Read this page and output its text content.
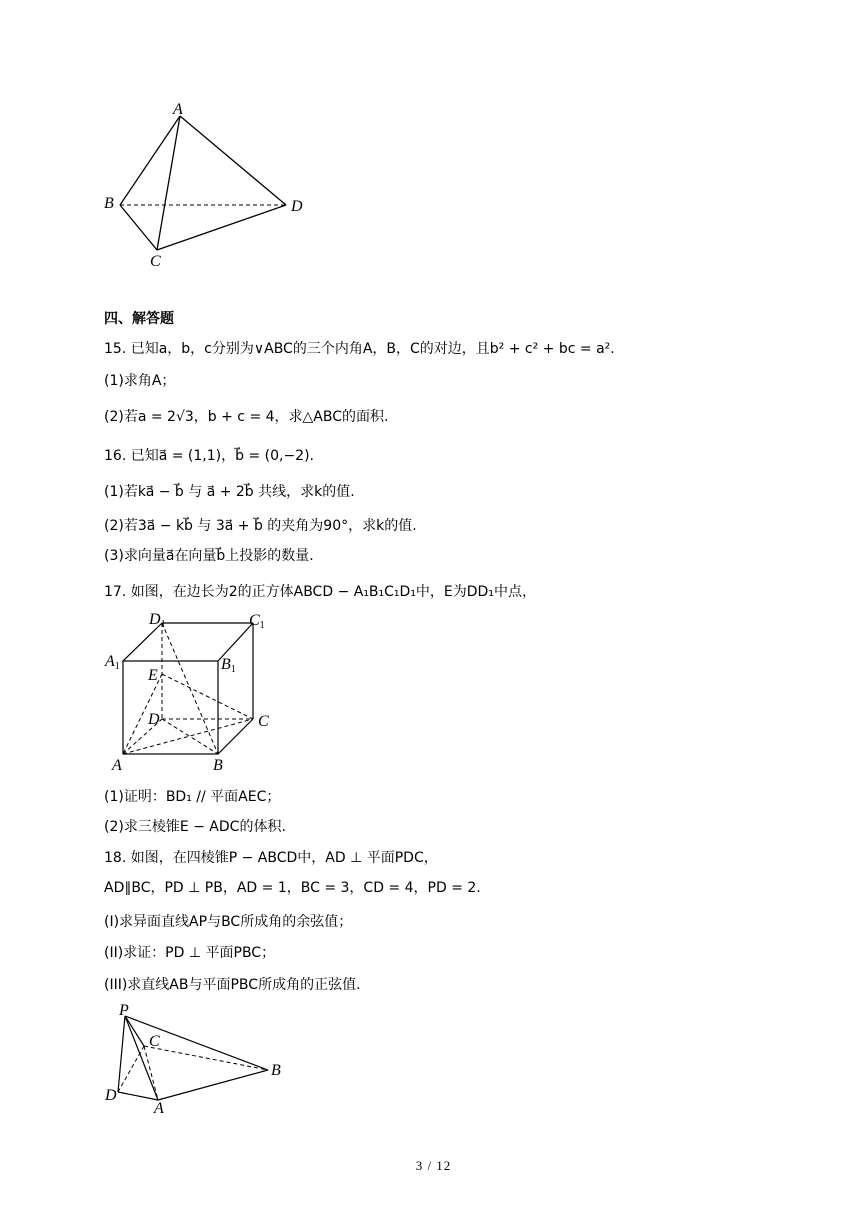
A
B
C
D
四、解答题
15. 已知a，b，c分别为∨ABC的三个内角A，B，C的对边，且b² + c² + bc = a².
(1)求角A；
(2)若a = 2√3，b + c = 4，求△ABC的面积.
16. 已知a⃗ = (1,1)，b⃗ = (0,−2).
(1)若ka⃗ − b⃗ 与 a⃗ + 2b⃗ 共线，求k的值.
(2)若3a⃗ − kb⃗ 与 3a⃗ + b⃗ 的夹角为90°，求k的值.
(3)求向量a⃗在向量b⃗上投影的数量.
17. 如图，在边长为2的正方体ABCD − A₁B₁C₁D₁中，E为DD₁中点，
D1	C1
A1	B1
E
D	C
A	B
(1)证明：BD₁ // 平面AEC；
(2)求三棱锥E − ADC的体积.
18. 如图，在四棱锥P − ABCD中，AD ⊥ 平面PDC，
AD∥BC，PD ⊥ PB，AD = 1，BC = 3，CD = 4，PD = 2.
(I)求异面直线AP与BC所成角的余弦值；
(II)求证：PD ⊥ 平面PBC；
(III)求直线AB与平面PBC所成角的正弦值.
P
C
B
D
A
3 / 12
